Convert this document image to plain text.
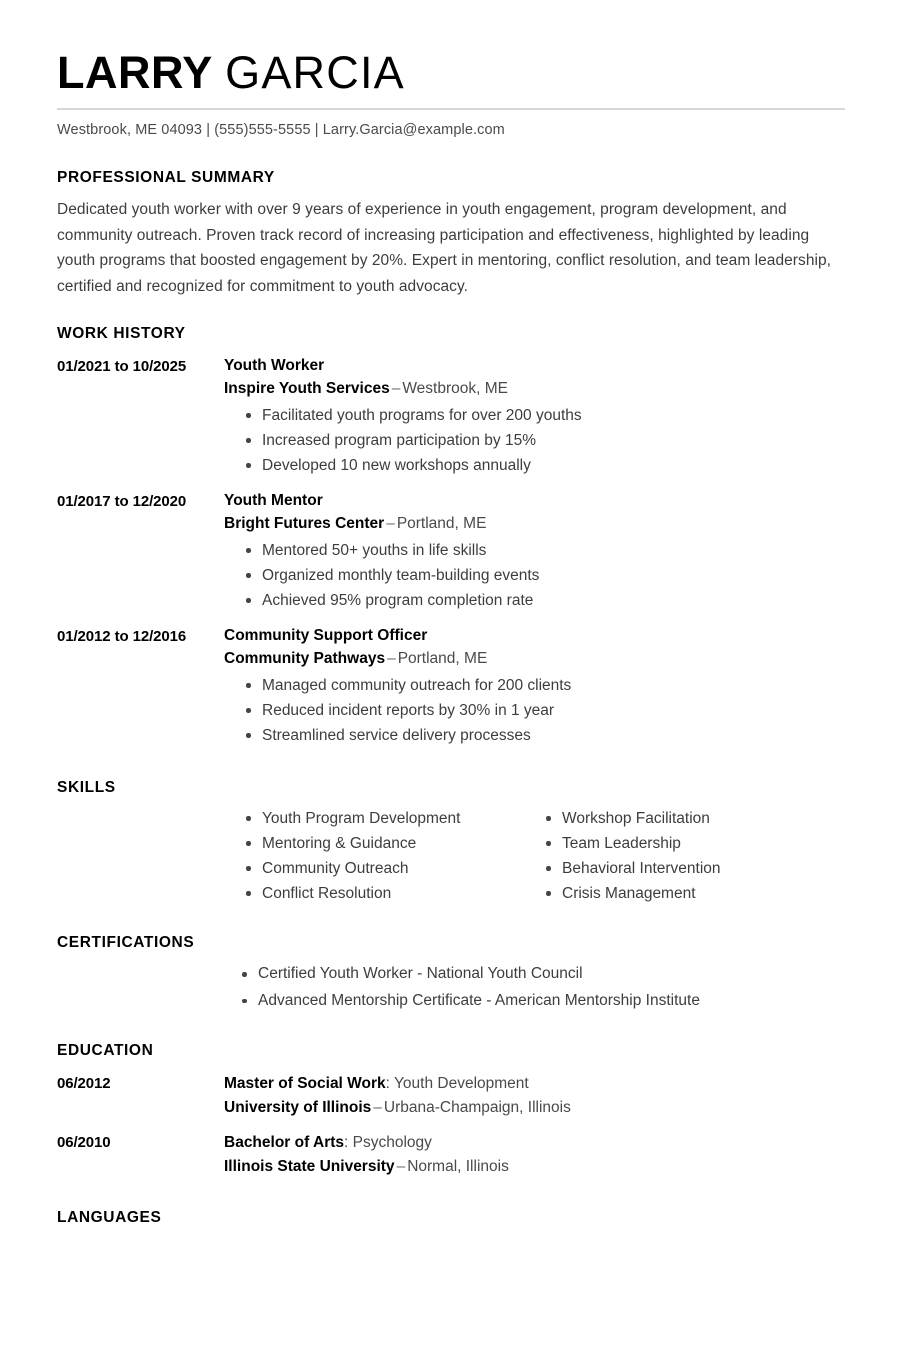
LARRY GARCIA
Westbrook, ME 04093 | (555)555-5555 | Larry.Garcia@example.com
PROFESSIONAL SUMMARY
Dedicated youth worker with over 9 years of experience in youth engagement, program development, and community outreach. Proven track record of increasing participation and effectiveness, highlighted by leading youth programs that boosted engagement by 20%. Expert in mentoring, conflict resolution, and team leadership, certified and recognized for commitment to youth advocacy.
WORK HISTORY
01/2021 to 10/2025	Youth Worker
Inspire Youth Services – Westbrook, ME
Facilitated youth programs for over 200 youths
Increased program participation by 15%
Developed 10 new workshops annually
01/2017 to 12/2020	Youth Mentor
Bright Futures Center – Portland, ME
Mentored 50+ youths in life skills
Organized monthly team-building events
Achieved 95% program completion rate
01/2012 to 12/2016	Community Support Officer
Community Pathways – Portland, ME
Managed community outreach for 200 clients
Reduced incident reports by 30% in 1 year
Streamlined service delivery processes
SKILLS
Youth Program Development
Mentoring & Guidance
Community Outreach
Conflict Resolution
Workshop Facilitation
Team Leadership
Behavioral Intervention
Crisis Management
CERTIFICATIONS
Certified Youth Worker - National Youth Council
Advanced Mentorship Certificate - American Mentorship Institute
EDUCATION
06/2012	Master of Social Work: Youth Development
University of Illinois – Urbana-Champaign, Illinois
06/2010	Bachelor of Arts: Psychology
Illinois State University – Normal, Illinois
LANGUAGES
